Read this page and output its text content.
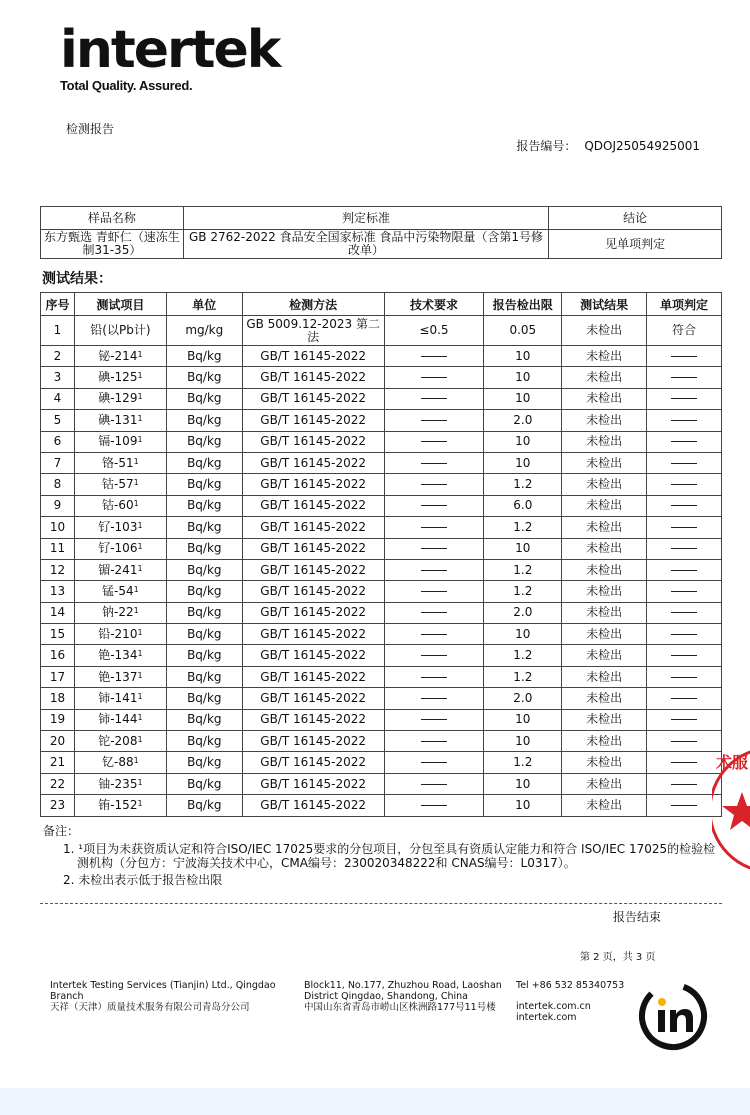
intertek
Total Quality. Assured.
检测报告
报告编号： QDOJ25054925001
样品名称	判定标准	结论
东方甄选 青虾仁（速冻生制31-35）	GB 2762-2022 食品安全国家标准 食品中污染物限量（含第1号修改单）	见单项判定
测试结果：
序号	测试项目	单位	检测方法	技术要求	报告检出限	测试结果	单项判定
1	铅(以Pb计)	mg/kg	GB 5009.12-2023 第二法	≤0.5	0.05	未检出	符合
2	铋$-214^1$	Bq/kg	GB/T 16145-2022		10	未检出	
3	碘$-125^1$	Bq/kg	GB/T 16145-2022		10	未检出	
4	碘$-129^1$	Bq/kg	GB/T 16145-2022		10	未检出	
5	碘$-131^1$	Bq/kg	GB/T 16145-2022		2.0	未检出	
6	镉$-109^1$	Bq/kg	GB/T 16145-2022		10	未检出	
7	铬$-51^1$	Bq/kg	GB/T 16145-2022		10	未检出	
8	钴$-57^1$	Bq/kg	GB/T 16145-2022		1.2	未检出	
9	钴$-60^1$	Bq/kg	GB/T 16145-2022		6.0	未检出	
10	钌$-103^1$	Bq/kg	GB/T 16145-2022		1.2	未检出	
11	钌$-106^1$	Bq/kg	GB/T 16145-2022		10	未检出	
12	镅$-241^1$	Bq/kg	GB/T 16145-2022		1.2	未检出	
13	锰$-54^1$	Bq/kg	GB/T 16145-2022		1.2	未检出	
14	钠$-22^1$	Bq/kg	GB/T 16145-2022		2.0	未检出	
15	铅$-210^1$	Bq/kg	GB/T 16145-2022		10	未检出	
16	铯$-134^1$	Bq/kg	GB/T 16145-2022		1.2	未检出	
17	铯$-137^1$	Bq/kg	GB/T 16145-2022		1.2	未检出	
18	铈$-141^1$	Bq/kg	GB/T 16145-2022		2.0	未检出	
19	铈$-144^1$	Bq/kg	GB/T 16145-2022		10	未检出	
20	铊$-208^1$	Bq/kg	GB/T 16145-2022		10	未检出	
21	钇$-88^1$	Bq/kg	GB/T 16145-2022		1.2	未检出	
22	铀$-235^1$	Bq/kg	GB/T 16145-2022		10	未检出	
23	铕$-152^1$	Bq/kg	GB/T 16145-2022		10	未检出	
备注：
1. ¹项目为未获资质认定和符合ISO/IEC 17025要求的分包项目，分包至具有资质认定能力和符合 ISO/IEC 17025的检验检测机构（分包方：宁波海关技术中心，CMA编号：230020348222和 CNAS编号：L0317）。
2. 未检出表示低于报告检出限
报告结束
第 2 页，共 3 页
Intertek Testing Services (Tianjin) Ltd., Qingdao Branch
天祥（天津）质量技术服务有限公司青岛分公司
Block11, No.177, Zhuzhou Road, Laoshan District Qingdao, Shandong, China
中国山东省青岛市崂山区株洲路177号11号楼
Tel +86 532 85340753
intertek.com.cn
intertek.com
术服
